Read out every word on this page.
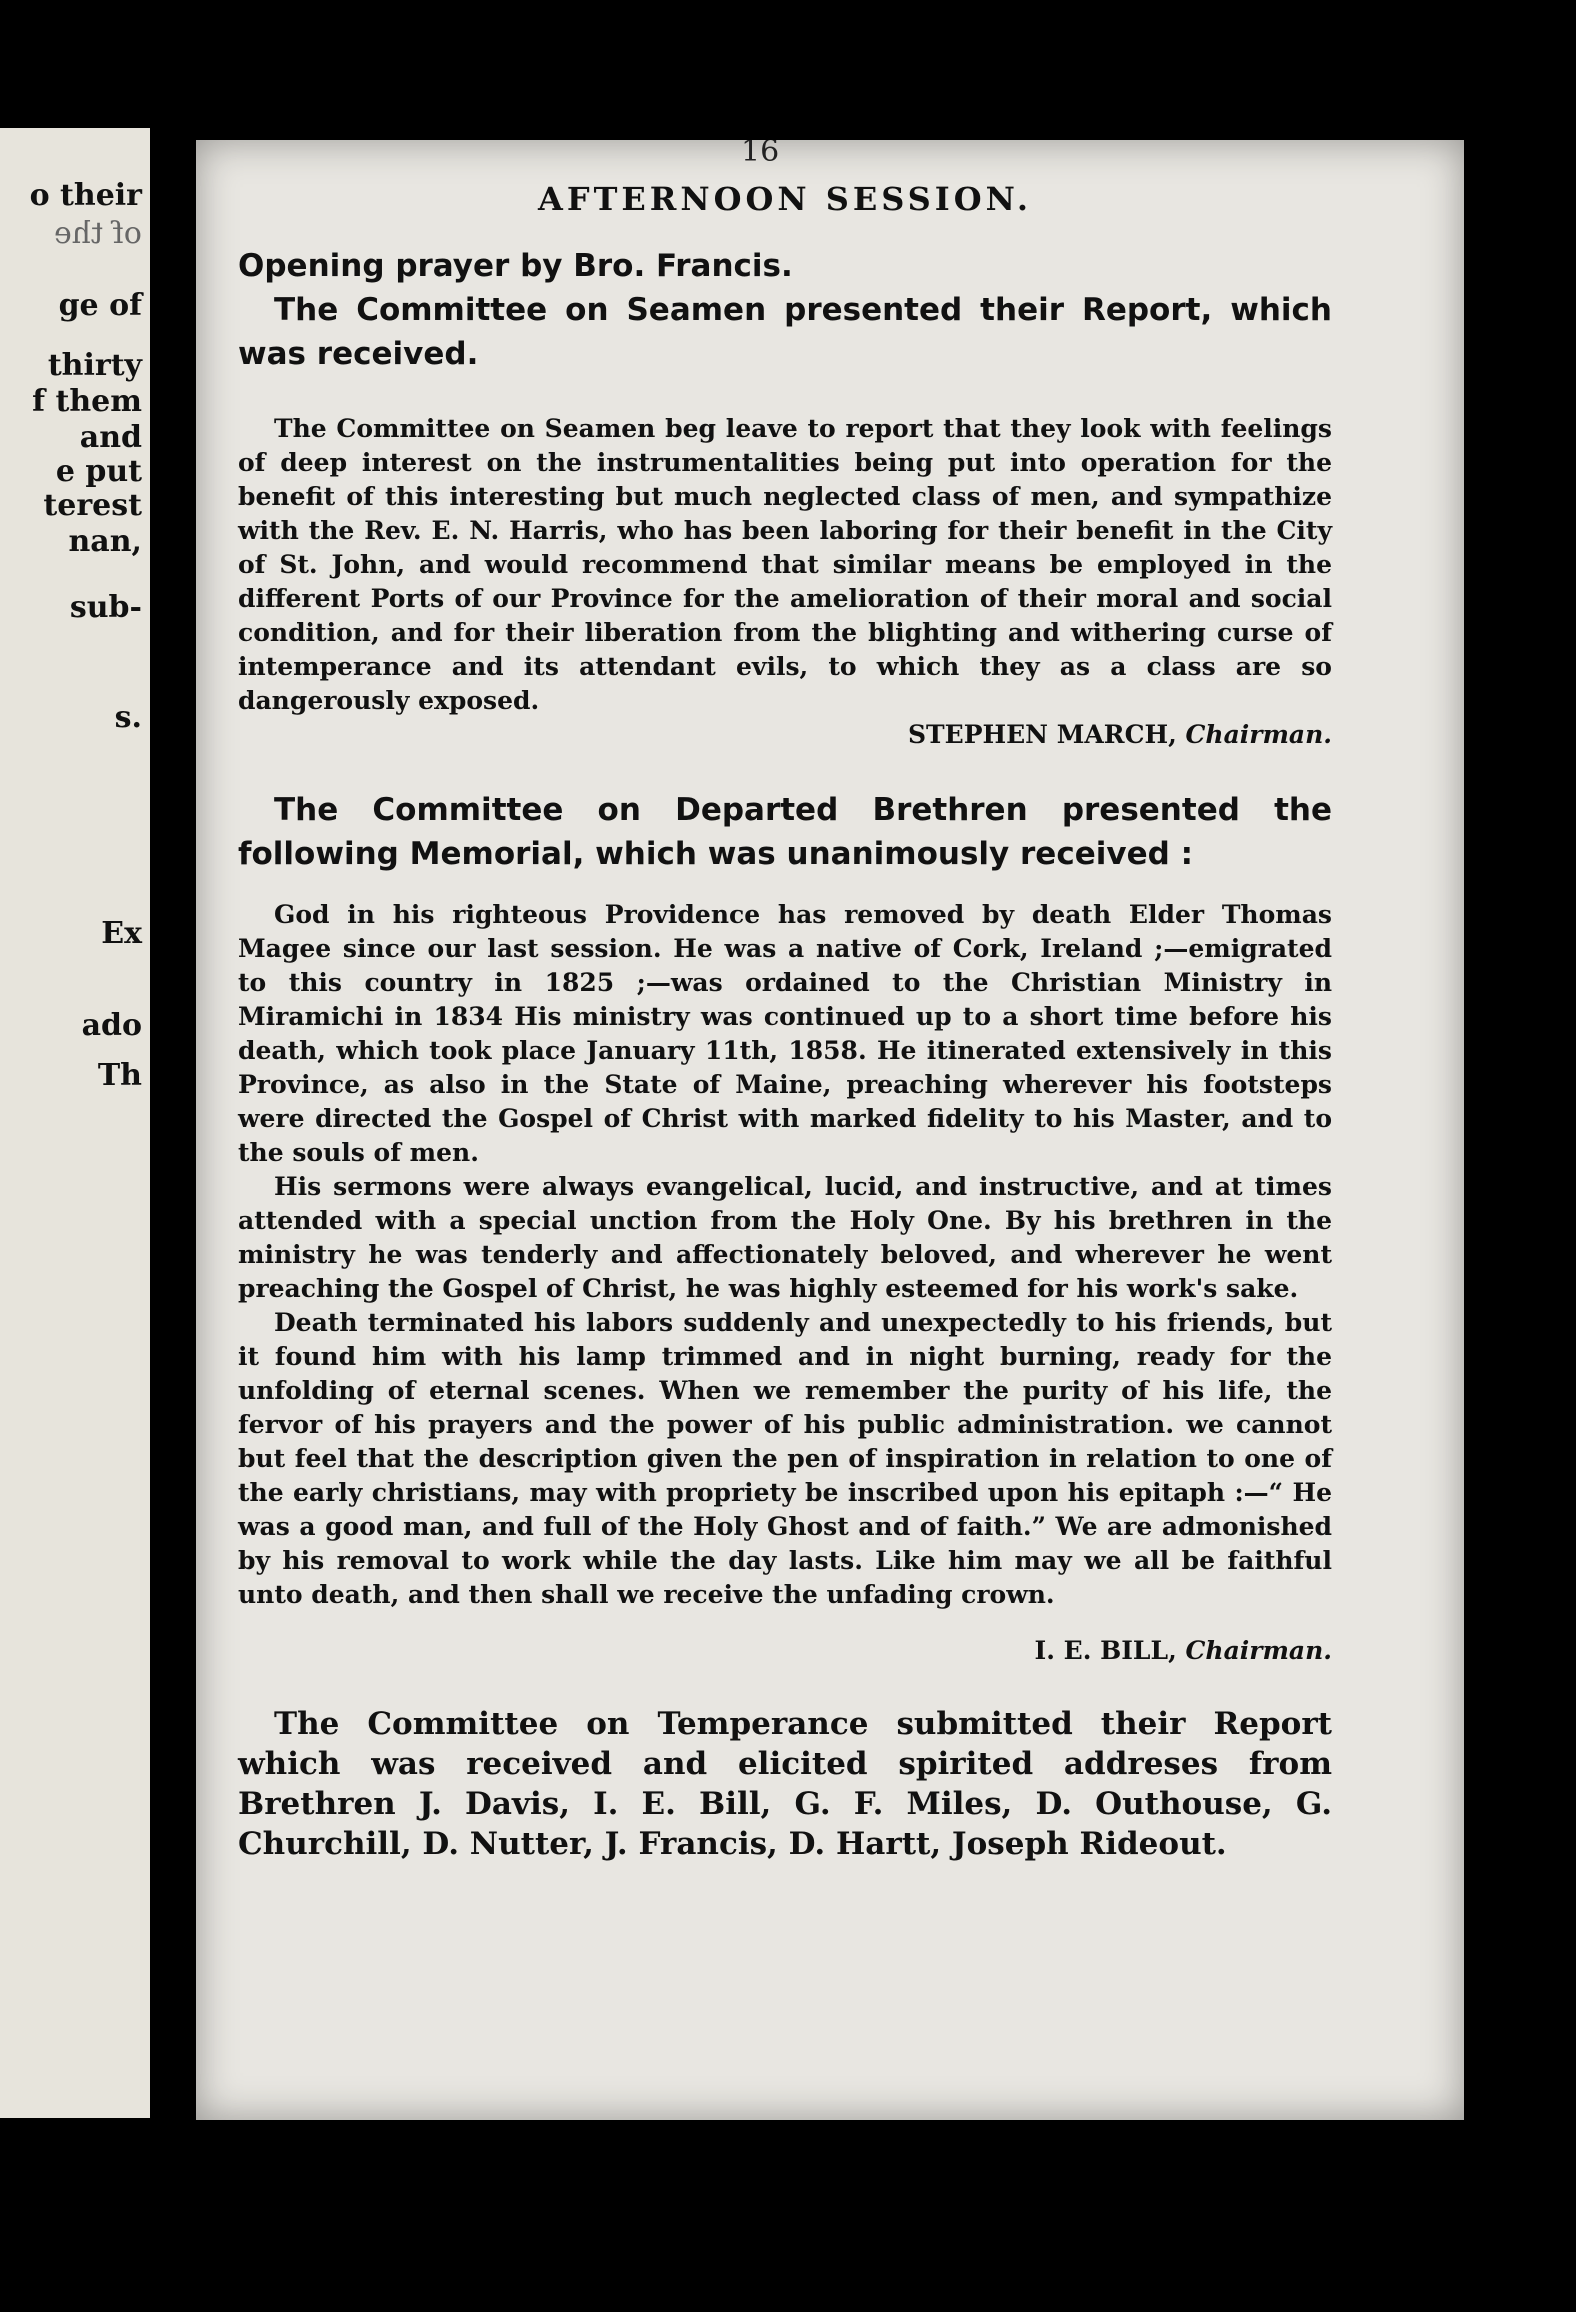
o their
of the
ge of
thirty
f them
and
e put
terest
nan,
sub-
s.
Ex
ado
Th
16
AFTERNOON SESSION.

Opening prayer by Bro. Francis.

The Committee on Seamen presented their Report, which was received.

The Committee on Seamen beg leave to report that they look with feelings of deep interest on the instrumentalities being put into operation for the benefit of this interesting but much neglected class of men, and sympathize with the Rev. E. N. Harris, who has been laboring for their benefit in the City of St. John, and would recommend that similar means be employed in the different Ports of our Province for the amelioration of their moral and social condition, and for their liberation from the blighting and withering curse of intemperance and its attendant evils, to which they as a class are so dangerously exposed.

STEPHEN MARCH, Chairman.

The Committee on Departed Brethren presented the following Memorial, which was unanimously received :

God in his righteous Providence has removed by death Elder Thomas Magee since our last session. He was a native of Cork, Ireland ;—emigrated to this country in 1825 ;—was ordained to the Christian Ministry in Miramichi in 1834 His ministry was continued up to a short time before his death, which took place January 11th, 1858. He itinerated extensively in this Province, as also in the State of Maine, preaching wherever his footsteps were directed the Gospel of Christ with marked fidelity to his Master, and to the souls of men.

His sermons were always evangelical, lucid, and instructive, and at times attended with a special unction from the Holy One. By his brethren in the ministry he was tenderly and affectionately beloved, and wherever he went preaching the Gospel of Christ, he was highly esteemed for his work's sake.

Death terminated his labors suddenly and unexpectedly to his friends, but it found him with his lamp trimmed and in night burning, ready for the unfolding of eternal scenes. When we remember the purity of his life, the fervor of his prayers and the power of his public administration. we cannot but feel that the description given the pen of inspiration in relation to one of the early christians, may with propriety be inscribed upon his epitaph :—“ He was a good man, and full of the Holy Ghost and of faith.” We are admonished by his removal to work while the day lasts. Like him may we all be faithful unto death, and then shall we receive the unfading crown.

I. E. BILL, Chairman.

The Committee on Temperance submitted their Report which was received and elicited spirited addreses from Brethren J. Davis, I. E. Bill, G. F. Miles, D. Outhouse, G. Churchill, D. Nutter, J. Francis, D. Hartt, Joseph Rideout.
